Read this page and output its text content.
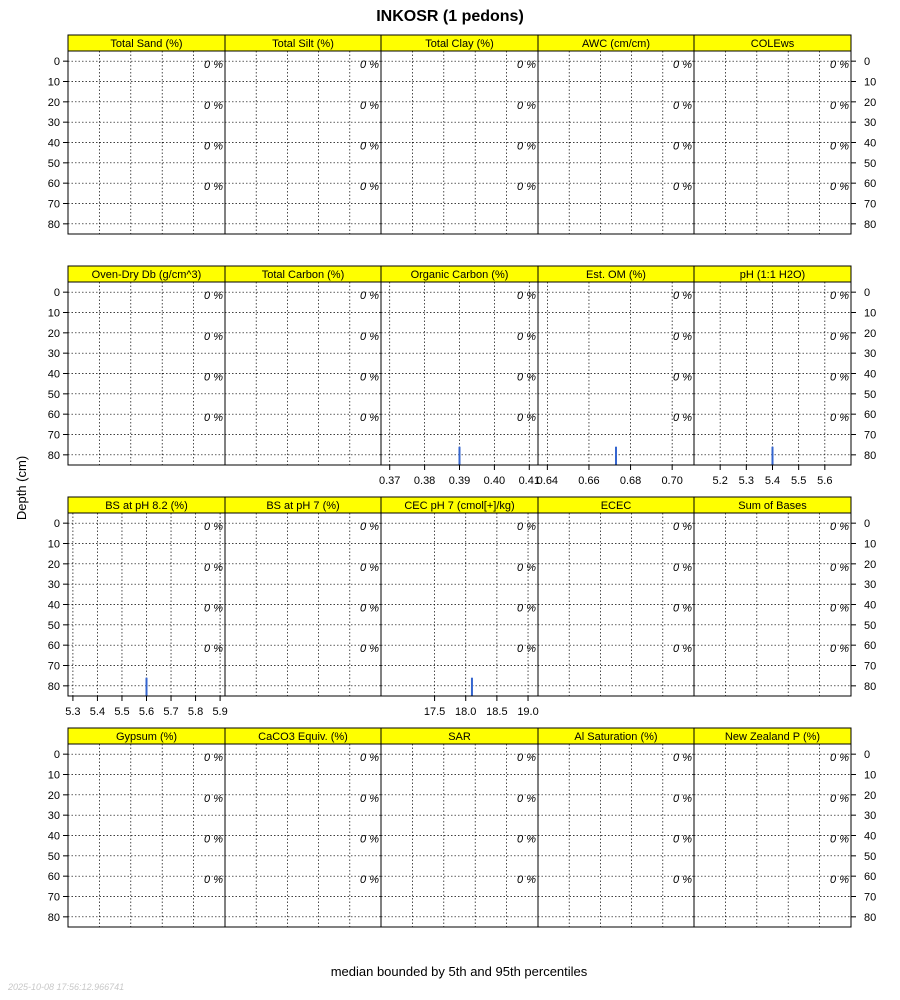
INKOSR (1 pedons)
Depth (cm)
median bounded by 5th and 95th percentiles
2025-10-08 17:56:12.966741
Total Sand (%)
0 %
0 %
0 %
0 %
Total Silt (%)
0 %
0 %
0 %
0 %
Total Clay (%)
0 %
0 %
0 %
0 %
AWC (cm/cm)
0 %
0 %
0 %
0 %
COLEws
0 %
0 %
0 %
0 %
Oven-Dry Db (g/cm^3)
0 %
0 %
0 %
0 %
Total Carbon (%)
0 %
0 %
0 %
0 %
Organic Carbon (%)
0 %
0 %
0 %
0 %
0.37 0.38 0.39 0.40 0.41
Est. OM (%)
0 %
0 %
0 %
0 %
0.64 0.66 0.68 0.70
pH (1:1 H2O)
0 %
0 %
0 %
0 %
5.2 5.3 5.4 5.5 5.6
BS at pH 8.2 (%)
0 %
0 %
0 %
0 %
5.3 5.4 5.5 5.6 5.7 5.8 5.9
BS at pH 7 (%)
0 %
0 %
0 %
0 %
CEC pH 7 (cmol[+]/kg)
0 %
0 %
0 %
0 %
17.5 18.0 18.5 19.0
ECEC
0 %
0 %
0 %
0 %
Sum of Bases
0 %
0 %
0 %
0 %
Gypsum (%)
0 %
0 %
0 %
0 %
CaCO3 Equiv. (%)
0 %
0 %
0 %
0 %
SAR
0 %
0 %
0 %
0 %
Al Saturation (%)
0 %
0 %
0 %
0 %
New Zealand P (%)
0 %
0 %
0 %
0 %
0	0
10	10
20	20
30	30
40	40
50	50
60	60
70	70
80	80
0	0
10	10
20	20
30	30
40	40
50	50
60	60
70	70
80	80
0	0
10	10
20	20
30	30
40	40
50	50
60	60
70	70
80	80
0	0
10	10
20	20
30	30
40	40
50	50
60	60
70	70
80	80
